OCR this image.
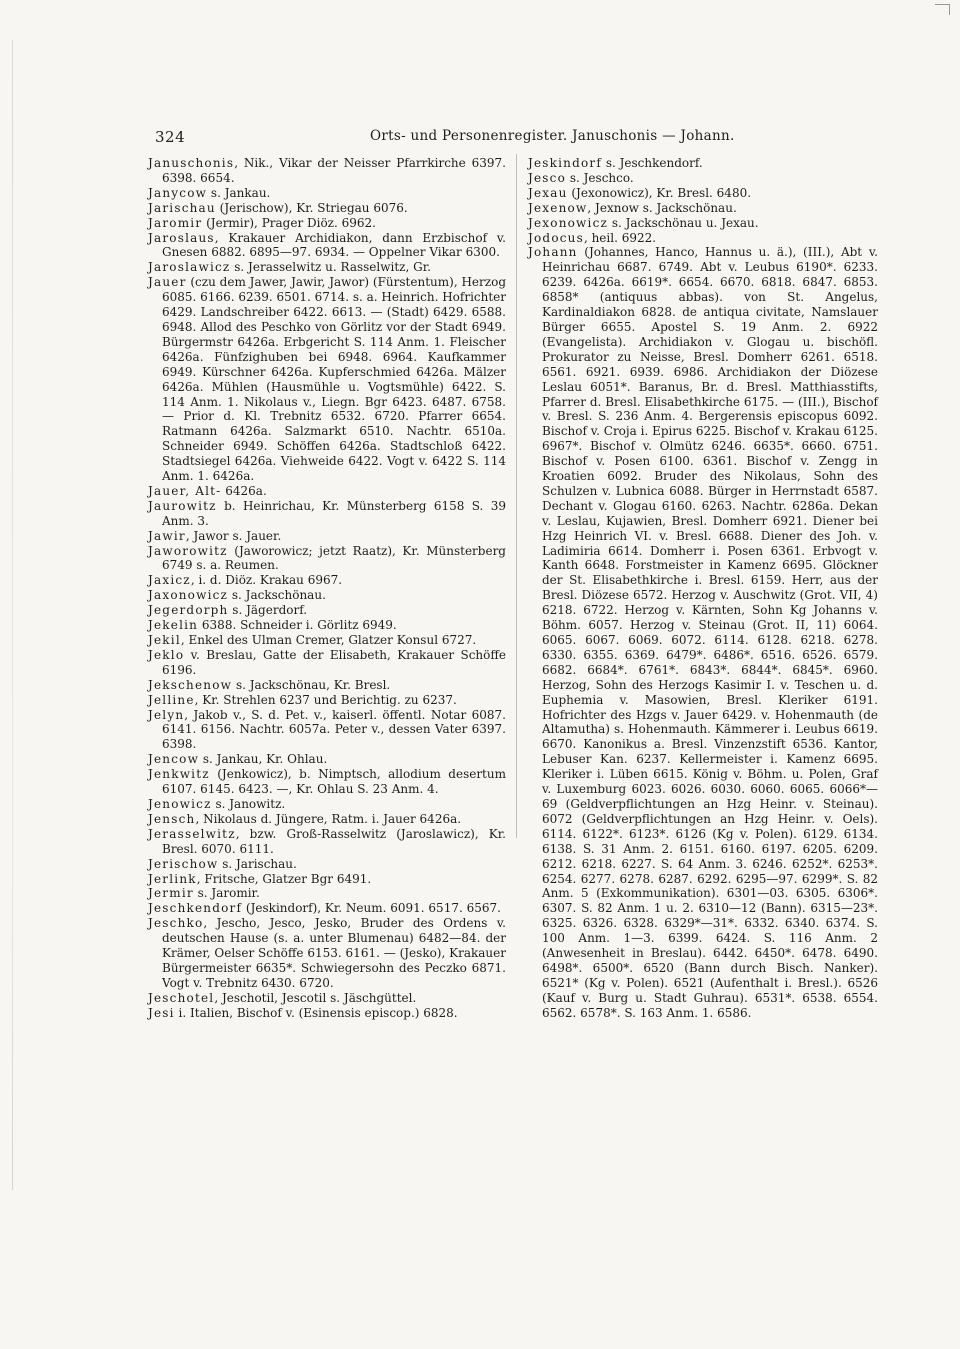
324	Orts- und Personenregister. Januschonis — Johann.

Januschonis, Nik., Vikar der Neisser Pfarrkirche 6397. 6398. 6654.

Janycow s. Jankau.

Jarischau (Jerischow), Kr. Striegau 6076.

Jaromir (Jermir), Prager Diöz. 6962.

Jaroslaus, Krakauer Archidiakon, dann Erzbischof v. Gnesen 6882. 6895—97. 6934. — Oppelner Vikar 6300.

Jaroslawicz s. Jerasselwitz u. Rasselwitz, Gr.

Jauer (czu dem Jawer, Jawir, Jawor) (Fürstentum), Herzog 6085. 6166. 6239. 6501. 6714. s. a. Heinrich. Hofrichter 6429. Landschreiber 6422. 6613. — (Stadt) 6429. 6588. 6948. Allod des Peschko von Görlitz vor der Stadt 6949. Bürgermstr 6426a. Erbgericht S. 114 Anm. 1. Fleischer 6426a. Fünfzighuben bei 6948. 6964. Kaufkammer 6949. Kürschner 6426a. Kupferschmied 6426a. Mälzer 6426a. Mühlen (Hausmühle u. Vogtsmühle) 6422. S. 114 Anm. 1. Nikolaus v., Liegn. Bgr 6423. 6487. 6758. — Prior d. Kl. Trebnitz 6532. 6720. Pfarrer 6654. Ratmann 6426a. Salzmarkt 6510. Nachtr. 6510a. Schneider 6949. Schöffen 6426a. Stadtschloß 6422. Stadtsiegel 6426a. Viehweide 6422. Vogt v. 6422 S. 114 Anm. 1. 6426a.

Jauer, Alt- 6426a.

Jaurowitz b. Heinrichau, Kr. Münsterberg 6158 S. 39 Anm. 3.

Jawir, Jawor s. Jauer.

Jaworowitz (Jaworowicz; jetzt Raatz), Kr. Münsterberg 6749 s. a. Reumen.

Jaxicz, i. d. Diöz. Krakau 6967.

Jaxonowicz s. Jackschönau.

Jegerdorph s. Jägerdorf.

Jekelin 6388. Schneider i. Görlitz 6949.

Jekil, Enkel des Ulman Cremer, Glatzer Konsul 6727.

Jeklo v. Breslau, Gatte der Elisabeth, Krakauer Schöffe 6196.

Jekschenow s. Jackschönau, Kr. Bresl.

Jelline, Kr. Strehlen 6237 und Berichtig. zu 6237.

Jelyn, Jakob v., S. d. Pet. v., kaiserl. öffentl. Notar 6087. 6141. 6156. Nachtr. 6057a. Peter v., dessen Vater 6397. 6398.

Jencow s. Jankau, Kr. Ohlau.

Jenkwitz (Jenkowicz), b. Nimptsch, allodium desertum 6107. 6145. 6423. —, Kr. Ohlau S. 23 Anm. 4.

Jenowicz s. Janowitz.

Jensch, Nikolaus d. Jüngere, Ratm. i. Jauer 6426a.

Jerasselwitz, bzw. Groß-Rasselwitz (Jaroslawicz), Kr. Bresl. 6070. 6111.

Jerischow s. Jarischau.

Jerlink, Fritsche, Glatzer Bgr 6491.

Jermir s. Jaromir.

Jeschkendorf (Jeskindorf), Kr. Neum. 6091. 6517. 6567.

Jeschko, Jescho, Jesco, Jesko, Bruder des Ordens v. deutschen Hause (s. a. unter Blumenau) 6482—84. der Krämer, Oelser Schöffe 6153. 6161. — (Jesko), Krakauer Bürgermeister 6635*. Schwiegersohn des Peczko 6871. Vogt v. Trebnitz 6430. 6720.

Jeschotel, Jeschotil, Jescotil s. Jäschgüttel.

Jesi i. Italien, Bischof v. (Esinensis episcop.) 6828.

Jeskindorf s. Jeschkendorf.

Jesco s. Jeschco.

Jexau (Jexonowicz), Kr. Bresl. 6480.

Jexenow, Jexnow s. Jackschönau.

Jexonowicz s. Jackschönau u. Jexau.

Jodocus, heil. 6922.

Johann (Johannes, Hanco, Hannus u. ä.), (III.), Abt v. Heinrichau 6687. 6749. Abt v. Leubus 6190*. 6233. 6239. 6426a. 6619*. 6654. 6670. 6818. 6847. 6853. 6858* (antiquus abbas). von St. Angelus, Kardinaldiakon 6828. de antiqua civitate, Namslauer Bürger 6655. Apostel S. 19 Anm. 2. 6922 (Evangelista). Archidiakon v. Glogau u. bischöfl. Prokurator zu Neisse, Bresl. Domherr 6261. 6518. 6561. 6921. 6939. 6986. Archidiakon der Diözese Leslau 6051*. Baranus, Br. d. Bresl. Matthiasstifts, Pfarrer d. Bresl. Elisabethkirche 6175. — (III.), Bischof v. Bresl. S. 236 Anm. 4. Bergerensis episcopus 6092. Bischof v. Croja i. Epirus 6225. Bischof v. Krakau 6125. 6967*. Bischof v. Olmütz 6246. 6635*. 6660. 6751. Bischof v. Posen 6100. 6361. Bischof v. Zengg in Kroatien 6092. Bruder des Nikolaus, Sohn des Schulzen v. Lubnica 6088. Bürger in Herrnstadt 6587. Dechant v. Glogau 6160. 6263. Nachtr. 6286a. Dekan v. Leslau, Kujawien, Bresl. Domherr 6921. Diener bei Hzg Heinrich VI. v. Bresl. 6688. Diener des Joh. v. Ladimiria 6614. Domherr i. Posen 6361. Erbvogt v. Kanth 6648. Forstmeister in Kamenz 6695. Glöckner der St. Elisabethkirche i. Bresl. 6159. Herr, aus der Bresl. Diözese 6572. Herzog v. Auschwitz (Grot. VII, 4) 6218. 6722. Herzog v. Kärnten, Sohn Kg Johanns v. Böhm. 6057. Herzog v. Steinau (Grot. II, 11) 6064. 6065. 6067. 6069. 6072. 6114. 6128. 6218. 6278. 6330. 6355. 6369. 6479*. 6486*. 6516. 6526. 6579. 6682. 6684*. 6761*. 6843*. 6844*. 6845*. 6960. Herzog, Sohn des Herzogs Kasimir I. v. Teschen u. d. Euphemia v. Masowien, Bresl. Kleriker 6191. Hofrichter des Hzgs v. Jauer 6429. v. Hohenmauth (de Altamutha) s. Hohenmauth. Kämmerer i. Leubus 6619. 6670. Kanonikus a. Bresl. Vinzenzstift 6536. Kantor, Lebuser Kan. 6237. Kellermeister i. Kamenz 6695. Kleriker i. Lüben 6615. König v. Böhm. u. Polen, Graf v. Luxemburg 6023. 6026. 6030. 6060. 6065. 6066*—69 (Geldverpflichtungen an Hzg Heinr. v. Steinau). 6072 (Geldverpflichtungen an Hzg Heinr. v. Oels). 6114. 6122*. 6123*. 6126 (Kg v. Polen). 6129. 6134. 6138. S. 31 Anm. 2. 6151. 6160. 6197. 6205. 6209. 6212. 6218. 6227. S. 64 Anm. 3. 6246. 6252*. 6253*. 6254. 6277. 6278. 6287. 6292. 6295—97. 6299*. S. 82 Anm. 5 (Exkommunikation). 6301—03. 6305. 6306*. 6307. S. 82 Anm. 1 u. 2. 6310—12 (Bann). 6315—23*. 6325. 6326. 6328. 6329*—31*. 6332. 6340. 6374. S. 100 Anm. 1—3. 6399. 6424. S. 116 Anm. 2 (Anwesenheit in Breslau). 6442. 6450*. 6478. 6490. 6498*. 6500*. 6520 (Bann durch Bisch. Nanker). 6521* (Kg v. Polen). 6521 (Aufenthalt i. Bresl.). 6526 (Kauf v. Burg u. Stadt Guhrau). 6531*. 6538. 6554. 6562. 6578*. S. 163 Anm. 1. 6586.
